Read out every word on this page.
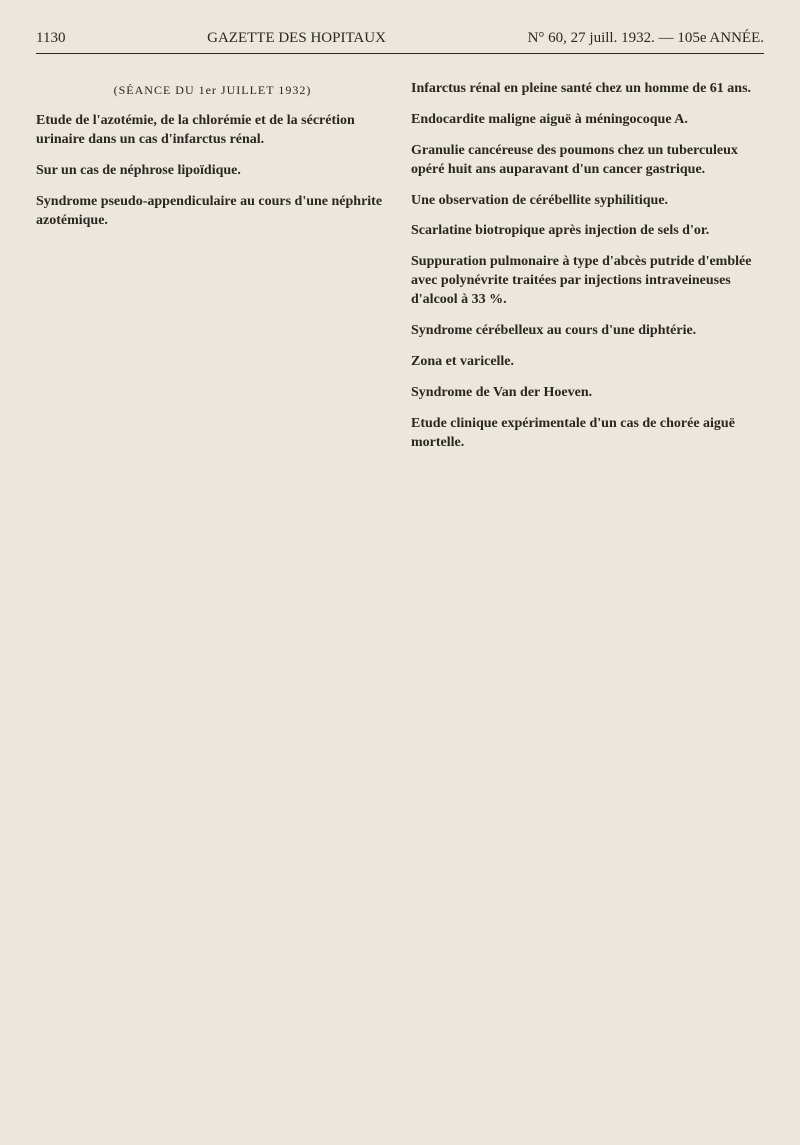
1130	GAZETTE DES HOPITAUX	N° 60, 27 juill. 1932. — 105e ANNÉE.
(SÉANCE DU 1er JUILLET 1932)
Etude de l'azotémie, de la chlorémie et de la sécrétion urinaire dans un cas d'infarctus rénal.
Sur un cas de néphrose lipoïdique.
Syndrome pseudo-appendiculaire au cours d'une néphrite azotémique.
Infarctus rénal en pleine santé chez un homme de 61 ans.
Endocardite maligne aiguë à méningocoque A.
Granulie cancéreuse des poumons chez un tuberculeux opéré huit ans auparavant d'un cancer gastrique.
Une observation de cérébellite syphilitique.
Scarlatine biotropique après injection de sels d'or.
Suppuration pulmonaire à type d'abcès putride d'emblée avec polynévrite traitées par injections intraveineuses d'alcool à 33 %.
Syndrome cérébelleux au cours d'une diphtérie.
Zona et varicelle.
Syndrome de Van der Hoeven.
Etude clinique expérimentale d'un cas de chorée aiguë mortelle.
